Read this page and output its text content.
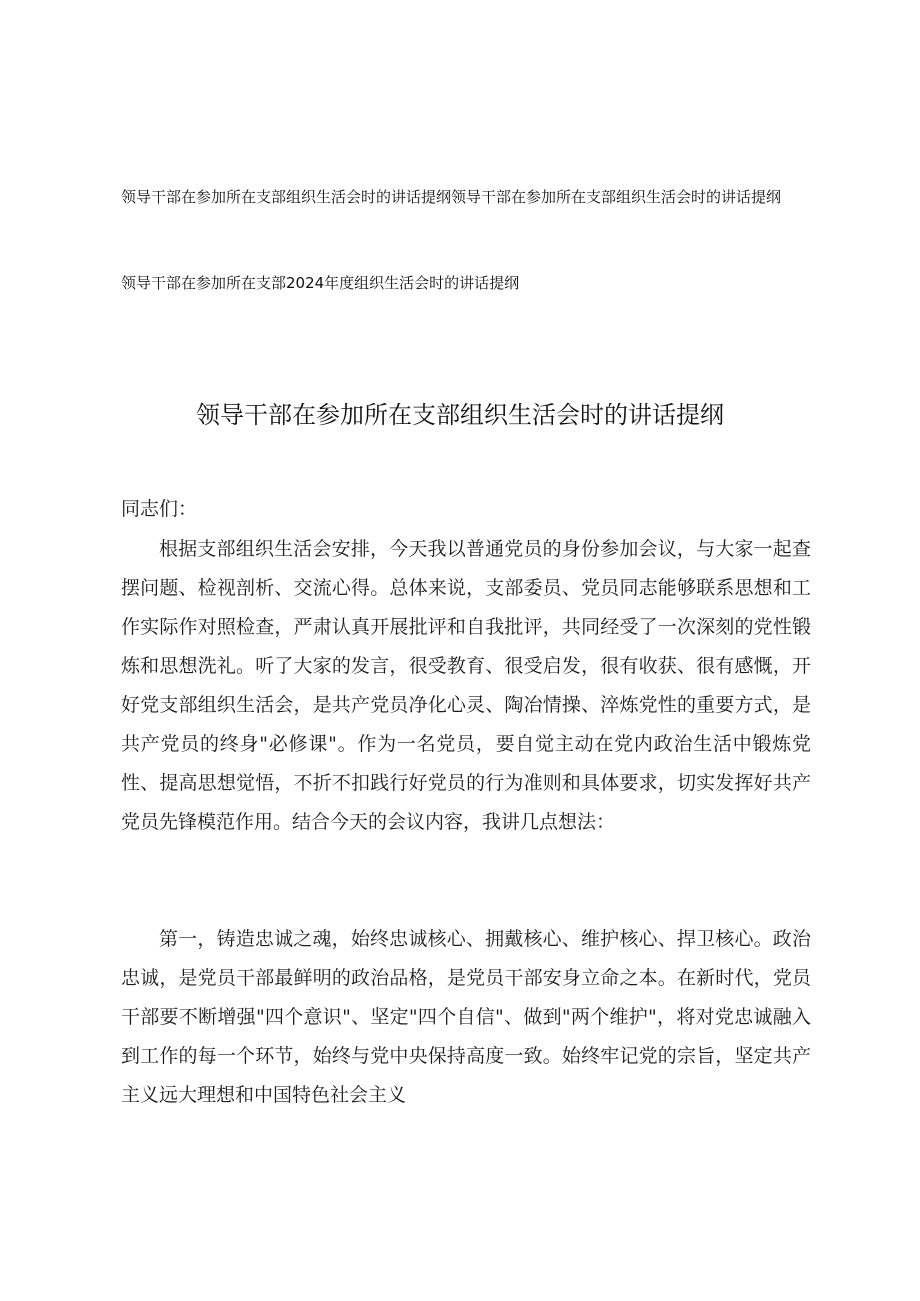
领导干部在参加所在支部组织生活会时的讲话提纲领导干部在参加所在支部组织生活会时的讲话提纲
领导干部在参加所在支部2024年度组织生活会时的讲话提纲
领导干部在参加所在支部组织生活会时的讲话提纲
同志们：
根据支部组织生活会安排，今天我以普通党员的身份参加会议，与大家一起查摆问题、检视剖析、交流心得。总体来说，支部委员、党员同志能够联系思想和工作实际作对照检查，严肃认真开展批评和自我批评，共同经受了一次深刻的党性锻炼和思想洗礼。听了大家的发言，很受教育、很受启发，很有收获、很有感慨，开好党支部组织生活会，是共产党员净化心灵、陶冶情操、淬炼党性的重要方式，是共产党员的终身"必修课"。作为一名党员，要自觉主动在党内政治生活中锻炼党性、提高思想觉悟，不折不扣践行好党员的行为准则和具体要求，切实发挥好共产党员先锋模范作用。结合今天的会议内容，我讲几点想法：
第一，铸造忠诚之魂，始终忠诚核心、拥戴核心、维护核心、捍卫核心。政治忠诚，是党员干部最鲜明的政治品格，是党员干部安身立命之本。在新时代，党员干部要不断增强"四个意识"、坚定"四个自信"、做到"两个维护"，将对党忠诚融入到工作的每一个环节，始终与党中央保持高度一致。始终牢记党的宗旨，坚定共产主义远大理想和中国特色社会主义
